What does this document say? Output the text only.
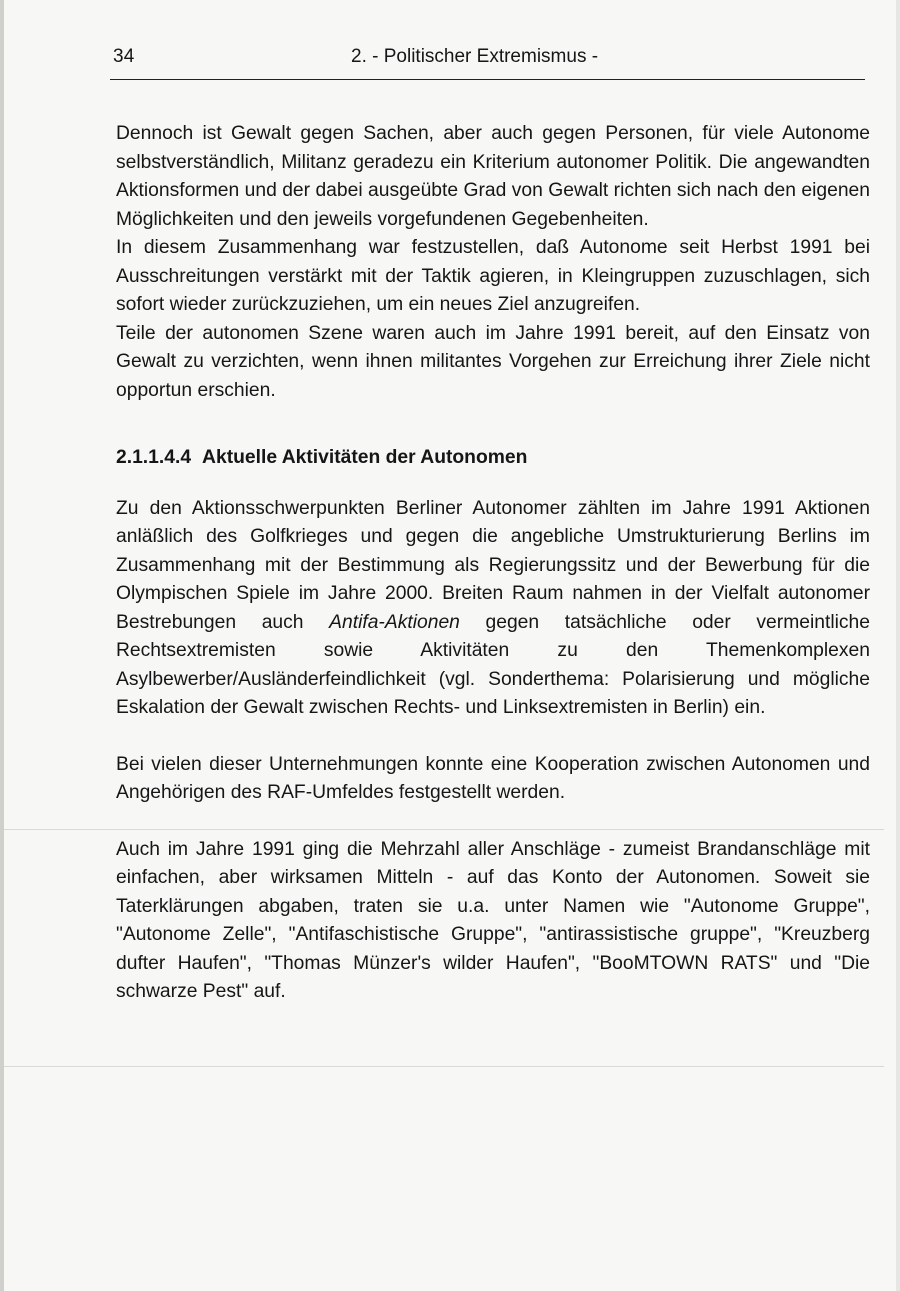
34	2. - Politischer Extremismus -

Dennoch ist Gewalt gegen Sachen, aber auch gegen Personen, für viele Autonome selbstverständlich, Militanz geradezu ein Kriterium autonomer Politik. Die angewandten Aktionsformen und der dabei ausgeübte Grad von Gewalt richten sich nach den eigenen Möglichkeiten und den jeweils vorgefundenen Gegebenheiten.

In diesem Zusammenhang war festzustellen, daß Autonome seit Herbst 1991 bei Ausschreitungen verstärkt mit der Taktik agieren, in Kleingruppen zuzuschlagen, sich sofort wieder zurückzuziehen, um ein neues Ziel anzugreifen.

Teile der autonomen Szene waren auch im Jahre 1991 bereit, auf den Einsatz von Gewalt zu verzichten, wenn ihnen militantes Vorgehen zur Erreichung ihrer Ziele nicht opportun erschien.

2.1.1.4.4 Aktuelle Aktivitäten der Autonomen

Zu den Aktionsschwerpunkten Berliner Autonomer zählten im Jahre 1991 Aktionen anläßlich des Golfkrieges und gegen die angebliche Umstrukturierung Berlins im Zusammenhang mit der Bestimmung als Regierungssitz und der Bewerbung für die Olympischen Spiele im Jahre 2000. Breiten Raum nahmen in der Vielfalt autonomer Bestrebungen auch Antifa-Aktionen gegen tatsächliche oder vermeintliche Rechtsextremisten sowie Aktivitäten zu den Themenkomplexen Asylbewerber/Ausländerfeindlichkeit (vgl. Sonderthema: Polarisierung und mögliche Eskalation der Gewalt zwischen Rechts- und Linksextremisten in Berlin) ein.

Bei vielen dieser Unternehmungen konnte eine Kooperation zwischen Autonomen und Angehörigen des RAF-Umfeldes festgestellt werden.

Auch im Jahre 1991 ging die Mehrzahl aller Anschläge - zumeist Brandanschläge mit einfachen, aber wirksamen Mitteln - auf das Konto der Autonomen. Soweit sie Taterklärungen abgaben, traten sie u.a. unter Namen wie "Autonome Gruppe", "Autonome Zelle", "Antifaschistische Gruppe", "antirassistische gruppe", "Kreuzberg dufter Haufen", "Thomas Münzer's wilder Haufen", "BooMTOWN RATS" und "Die schwarze Pest" auf.
